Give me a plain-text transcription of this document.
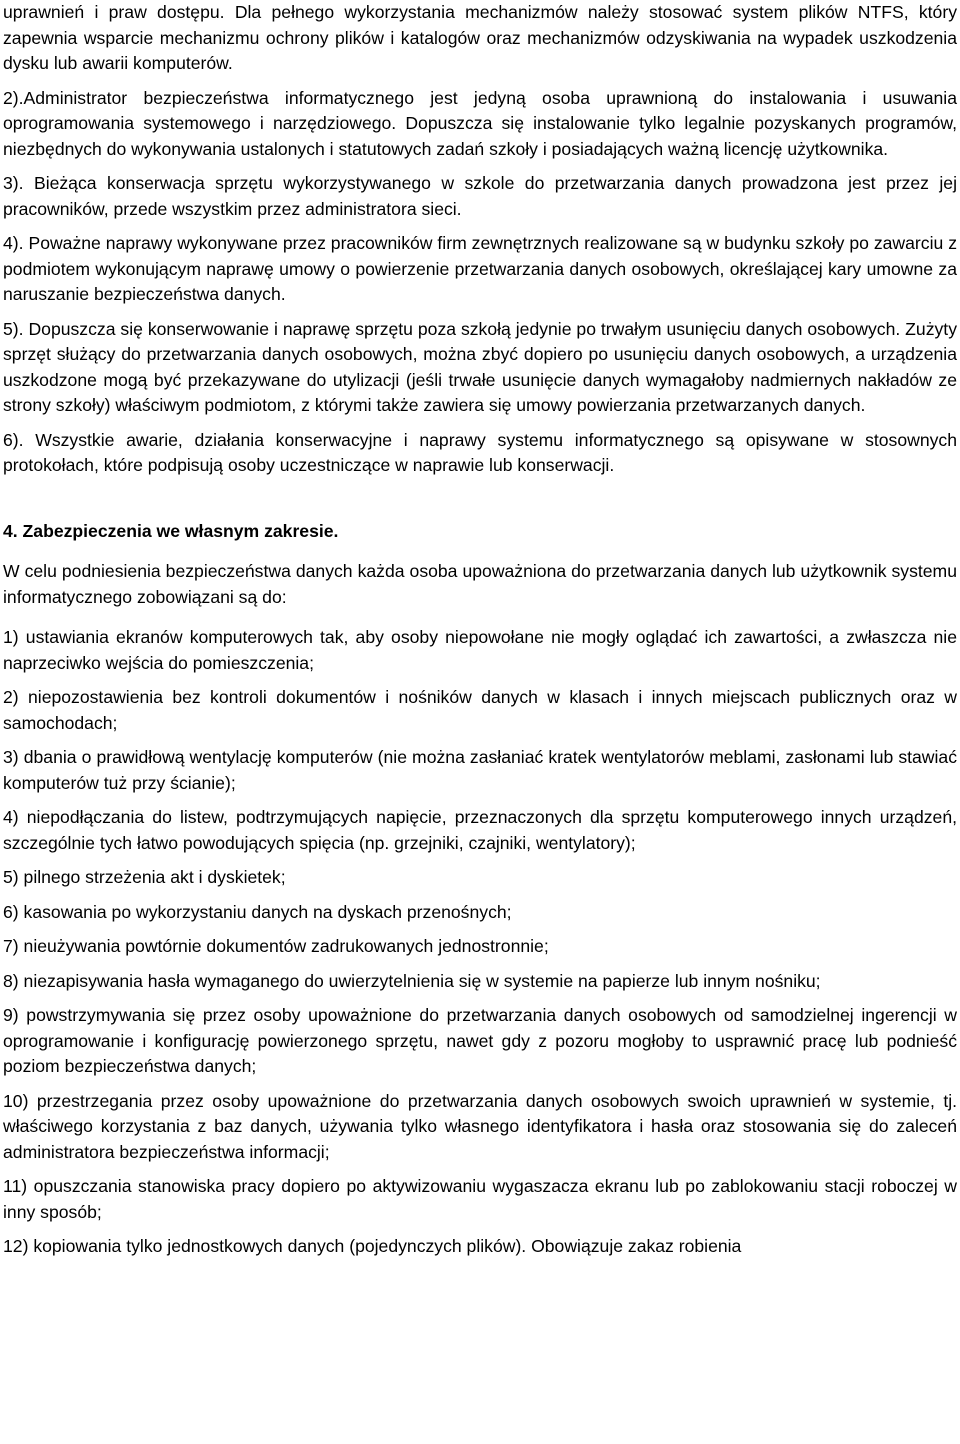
uprawnień i praw dostępu. Dla pełnego wykorzystania mechanizmów należy stosować system plików NTFS, który zapewnia wsparcie mechanizmu ochrony plików i katalogów oraz mechanizmów odzyskiwania na wypadek uszkodzenia dysku lub awarii komputerów.

2).Administrator bezpieczeństwa informatycznego jest jedyną osoba uprawnioną do instalowania i usuwania oprogramowania systemowego i narzędziowego. Dopuszcza się instalowanie tylko legalnie pozyskanych programów, niezbędnych do wykonywania ustalonych i statutowych zadań szkoły i posiadających ważną licencję użytkownika.

3). Bieżąca konserwacja sprzętu wykorzystywanego w szkole do przetwarzania danych prowadzona jest przez jej pracowników, przede wszystkim przez administratora sieci.

4). Poważne naprawy wykonywane przez pracowników firm zewnętrznych realizowane są w budynku szkoły po zawarciu z podmiotem wykonującym naprawę umowy o powierzenie przetwarzania danych osobowych, określającej kary umowne za naruszanie bezpieczeństwa danych.

5). Dopuszcza się konserwowanie i naprawę sprzętu poza szkołą jedynie po trwałym usunięciu danych osobowych. Zużyty sprzęt służący do przetwarzania danych osobowych, można zbyć dopiero po usunięciu danych osobowych, a urządzenia uszkodzone mogą być przekazywane do utylizacji (jeśli trwałe usunięcie danych wymagałoby nadmiernych nakładów ze strony szkoły) właściwym podmiotom, z którymi także zawiera się umowy powierzania przetwarzanych danych.

6). Wszystkie awarie, działania konserwacyjne i naprawy systemu informatycznego są opisywane w stosownych protokołach, które podpisują osoby uczestniczące w naprawie lub konserwacji.

4. Zabezpieczenia we własnym zakresie.

W celu podniesienia bezpieczeństwa danych każda osoba upoważniona do przetwarzania danych lub użytkownik systemu informatycznego zobowiązani są do:

1) ustawiania ekranów komputerowych tak, aby osoby niepowołane nie mogły oglądać ich zawartości, a zwłaszcza nie naprzeciwko wejścia do pomieszczenia;

2) niepozostawienia bez kontroli dokumentów i nośników danych w klasach i innych miejscach publicznych oraz w samochodach;

3) dbania o prawidłową wentylację komputerów (nie można zasłaniać kratek wentylatorów meblami, zasłonami lub stawiać komputerów tuż przy ścianie);

4) niepodłączania do listew, podtrzymujących napięcie, przeznaczonych dla sprzętu komputerowego innych urządzeń, szczególnie tych łatwo powodujących spięcia (np. grzejniki, czajniki, wentylatory);

5) pilnego strzeżenia akt i dyskietek;

6) kasowania po wykorzystaniu danych na dyskach przenośnych;

7) nieużywania powtórnie dokumentów zadrukowanych jednostronnie;

8) niezapisywania hasła wymaganego do uwierzytelnienia się w systemie na papierze lub innym nośniku;

9) powstrzymywania się przez osoby upoważnione do przetwarzania danych osobowych od samodzielnej ingerencji w oprogramowanie i konfigurację powierzonego sprzętu, nawet gdy z pozoru mogłoby to usprawnić pracę lub podnieść poziom bezpieczeństwa danych;

10) przestrzegania przez osoby upoważnione do przetwarzania danych osobowych swoich uprawnień w systemie, tj. właściwego korzystania z baz danych, używania tylko własnego identyfikatora i hasła oraz stosowania się do zaleceń administratora bezpieczeństwa informacji;

11) opuszczania stanowiska pracy dopiero po aktywizowaniu wygaszacza ekranu lub po zablokowaniu stacji roboczej w inny sposób;

12) kopiowania tylko jednostkowych danych (pojedynczych plików). Obowiązuje zakaz robienia
